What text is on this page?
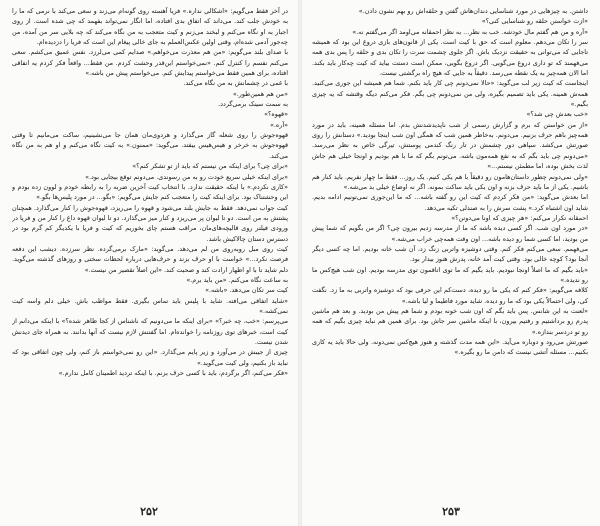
در آخر فقط می‌گویم: «اشکالی نداره.» فریا آهسته روی گونه‌ام می‌زند و سعی می‌کند با نرمی که ما را به خودش جلب کند. می‌داند که اتفاق بدی افتاده، اما انگار نمی‌تواند بفهمد که چی شده است. از روی اجبار به او نگاه می‌کنم و لبخند می‌زنم و کیت متعجب به من نگاه می‌کند که چه بلایی سر من آمده، من چه‌جور آدمی شده‌ام، وقتی اولین عکس‌العملم به جای خالی پیغام این است که فریا را دزدیده‌ام.

با صدای بلند می‌گویم: «من هم معذرت می‌خواهم.» صدایم کمی می‌لرزد. نفس عمیق می‌کشم. سعی می‌کنم نفسم را کنترل کنم. «نمی‌خواستم این‌قدر وحشت کردم. من فقط... واقعاً فکر کردم یه اتفاقی افتاده، برای همین فقط می‌خواستم پیدایش کنم. می‌خواستم پیش من باشه.»

با غمی در چشمانش به من نگاه می‌کند.

«من هم همین‌طور.»

به سمت سینک برمی‌گردد.

«قهوه؟»

«آره.»

قهوه‌جوش را روی شعله گاز می‌گذارد و هردوی‌مان همان جا می‌نشینیم، ساکت می‌مانیم تا وقتی قهوه‌جوش به خرخر و هیس‌هیس بیفتد. می‌گوید: «ممنون.» به کیت نگاه می‌کنم و او هم به من نگاه می‌کند.

«برای چی؟ برای اینکه من نیستم که باید از تو تشکر کنم؟»

«برای اینکه خیلی سریع خودت رو به من رسوندی. می‌دونم توقع بیجایی بود.»

«کاری نکردم.» با اینکه حقیقت ندارد. با انتخاب کیت آخرین ضربه را به رابطه خودم و لوون زده بودم و این وحشتناک بود. برای اینکه کیت را متعجب کنم جایش می‌گویم: «بگو... در مورد پلیس‌ها بگو.»

کیت جواب نمی‌دهد. فقط به جایش بلند می‌شود و قهوه را می‌ریزد، قهوه‌جوش را کنار می‌گذارد. همچنان پشتش به من است. دو تا لیوان پر می‌ریزد و کنار میز می‌گذارد. دو تا لیوان قهوه داغ را کنار من و فریا در ورودی فیلتر روی قالیچه‌های‌مان، مراقب هستم چای بخوریم که کیت و فریا با یکدیگر کم گرم بود در دسترس دستان چالاکیش باشد.

کیت روی مبل روبه‌روی من لم می‌دهد. می‌گوید: «مارک برمی‌گرده. نظر سرزده. دیشب این دفعه فرصت نکرد...» خواست با او حرف بزند و حرف‌هایی درباره لحظات سختی و روزهای گذشته می‌گوید. دلم شاید تا با او اظهار ارادت کند و صحبت کند. «این اصلاً تقصیر من نیست.»

به ساعت نگاه می‌کنم. «من باید برم.»

کیت سر تکان می‌دهد. «باشه.»

«شاید اتفاقی می‌افته. شاید با پلیس باید تماس بگیری. فقط مواظب باش. خیلی دلم واسه کیت نمی‌کشه.»

می‌پرسم: «خب، چه خبر؟» «برای اینکه ما می‌دونیم که ناشناس از کجا ظاهر شده؟» با اینکه می‌دانم از کیت است، خبرهای توی روزنامه را خوانده‌ام. اما گفتنش لازم نیست که آنها بدانند. به همراه جای دیدنش شدن نیست.

چیزی از جیبش در می‌آورد و زیر پایم می‌گذارد. «این رو نمی‌خواستم باز کنم، ولی چون اتفاقی بود که نباید باز بکنیم، ولی کیت می‌گوید.»

«فکر می‌کنم، اگر برگردم، باید با کسی حرف بزنم. با اینکه تردید اطمینان کامل ندارم.»

۲۵۲

داشتن. به چیزهایی در مورد شناسایی دندان‌هاش گفتن و حلقه‌اش رو بهم نشون دادن.»

«ازت خواستن حلقه رو شناسایی کنی؟»

«آره و من هم گفتم مال خودشه. خب به نظر... به نظر احمقانه می‌اومد اگر می‌گفتم نه.»

سر را تکان می‌دهم. معلوم است که حق با کیت است. یکی از قانون‌های بازی دروغ این بود که همیشه تاجایی که می‌توانی به حقیقت نزدیک باش. اگر جلوی چشمت سرت را تکان بدی و حلقه را پس بدی همه می‌فهمند که تو داری دروغ می‌گویی. اگر دروغ بگویی، ممکن است دستت بیاید که کیت چه‌کار باید بکند. اما الان همه‌چیز به یک نقطه می‌رسد. دقیقاً به جایی که هیچ راه برگشتی نیست.

اینجاست که کیت زیر لب می‌گوید: «حالا نمی‌دونم چی کار باید بکنم. شما هم همیشه این جوری می‌کنید. همه‌ش همینه. یکی باید تصمیم بگیره، ولی من نمی‌دونم چی بگم. فکر می‌کنم دیگه وقتشه که یه چیزی بگیم.»

«خب بعدش چی شد؟»

«از من خواستن که برم و گزارش رسمی از شب ناپدیدشدنش بدم. اما مسئله همینه، باید در مورد همه‌چیز باهم حرف بزنیم. می‌دونم. به‌خاطر همین شب که همگی اون شب اینجا بودید.» دستانش را روی صورتش می‌کشد. سپاهی دور چشمش در تار رنگ کندمی پوستش، تیرگی خاص به نظر می‌رسد. «می‌دونم چی باید بگم که به نفع همه‌مون باشه. می‌تونم بگم که ما با هم بودیم و اونجا خیلی هم جاش لذت بخش بوده، اما مطمئن نیستم...»

«ولی نمی‌دونم چطور داستان‌هامون رو دقیقاً با هم یکی کنیم. یک روز... فقط ما چهار نفریم. باید کنار هم باشیم. یکی از ما باید حرف بزنه و اون یکی باید ساکت بمونه. اگر نه اوضاع خیلی بد می‌شه.»

اما بعدش می‌گوید: «من فکر کردم که کیت این رو گفته باشه... که ما این‌جوری نمی‌تونیم ادامه بدیم. شاید اون اشتباه کرد.» پشت سرش را به صندلی تکیه می‌دهد.

احمقانه تکرار می‌کنم: «هر چیزی که اونا می‌دونن؟»

«در مورد اون شب. اگر کسی دیده باشه که ما از مدرسه زدیم بیرون چی؟ اگر من بگویم که شما پیش من بودید، اما کسی شما رو دیده باشه... اون وقت همه‌چی خراب می‌شه.»

می‌فهمم. سعی می‌کنم فکر کنم. وقتی دوشیزه واتربی زنگ زد، آن شب خانه بودیم. اما چه کسی دیگر آنجا بود؟ کوچه خالی بود. وقتی کیت آمد خانه، پدرش هنوز بیدار بود.

«باید بگیم که ما اصلاً اونجا نبودیم. باید بگیم که ما توی اتاقمون توی مدرسه بودیم. اون شب هیچ‌کس ما رو ندیده.»

کلافه می‌گویم: «فکر کنم که یکی ما رو دیده، دست‌کم این حرفی بود که دوشیزه واتربی به ما زد. نگفت کی، ولی احتمالاً یکی بود که ما رو دیده. شاید مورد فاطیما و لیا باشه.»

«لعنت به این شانس. پس باید بگم که اون شب خونه بودم و شما هم پیش من بودید. و بعد هم ماشین پدرم رو برداشتیم و رفتیم بیرون، با اینکه ماشین سر جاش بود. برای همین هم نباید چیزی بگیم که همه رو تو دردسر بندازه.»

صورتش می‌رود و دوباره می‌آید. «این همه مدت گذشته و هنوز هیچ‌کس نمی‌دونه. ولی حالا باید یه کاری بکنیم... مسئله آتشی نیست که دامن ما رو بگیره.»

۲۵۳
